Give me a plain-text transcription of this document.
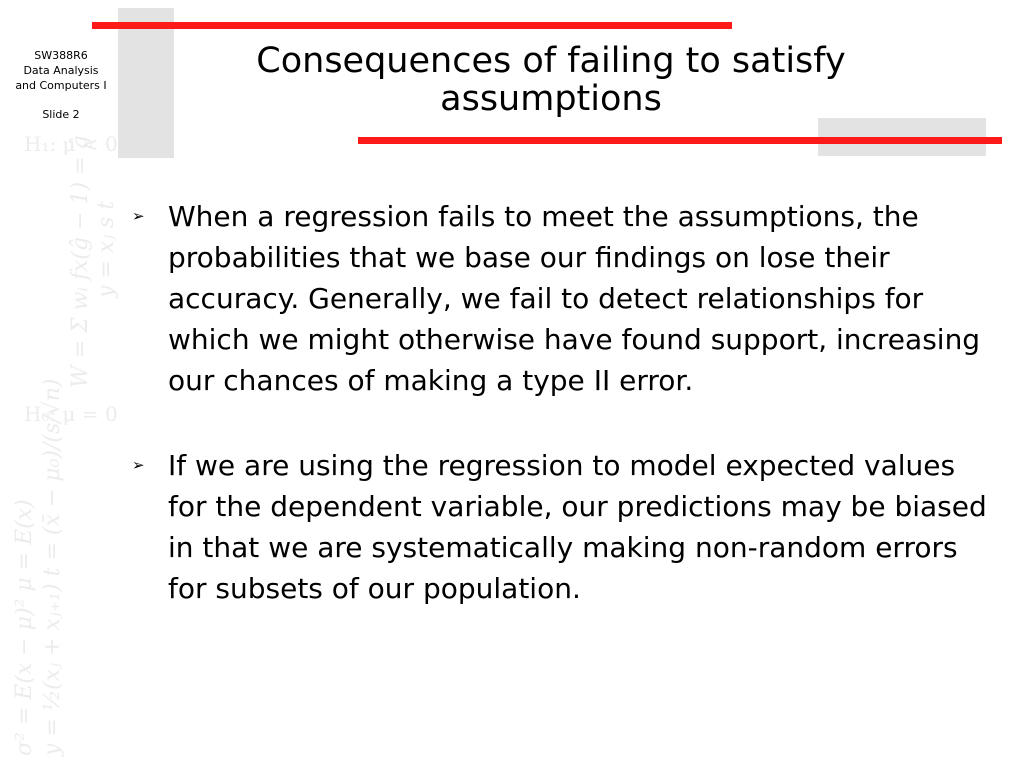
H₁: μ < 0
H₀: μ = 0
σ² = E(x − μ)² μ = E(x) y = ½(xⱼ + xⱼ₊₁) t = (x̄ − μ₀)/(s/√n)
W = Σ wᵢ fx(ĝ − 1) = ĝ y = xⱼ s t
SW388R6
Data Analysis
and Computers I
Slide 2
Consequences of failing to satisfy assumptions
➢ When a regression fails to meet the assumptions, the probabilities that we base our findings on lose their accuracy. Generally, we fail to detect relationships for which we might otherwise have found support, increasing our chances of making a type II error.
➢ If we are using the regression to model expected values for the dependent variable, our predictions may be biased in that we are systematically making non-random errors for subsets of our population.
